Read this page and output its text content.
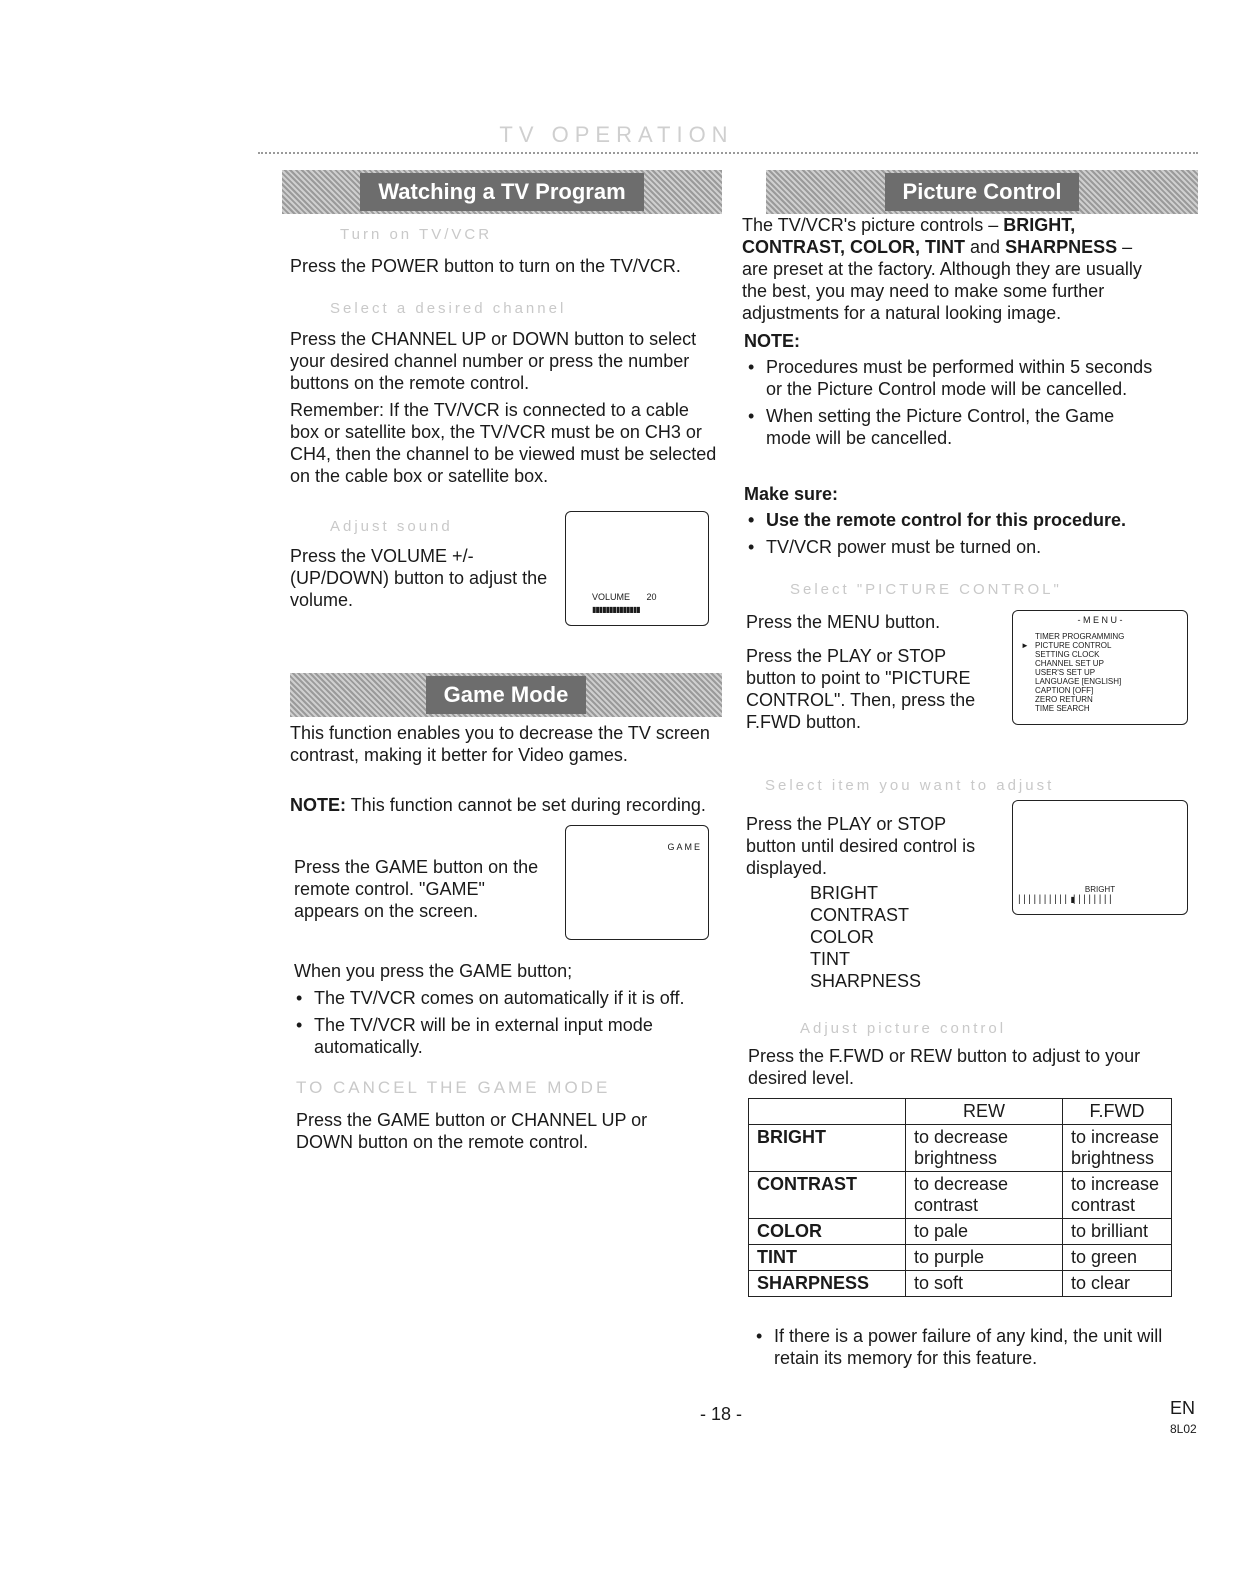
TV OPERATION
Watching a TV Program
Turn on TV/VCR
Press the POWER button to turn on the TV/VCR.
Select a desired channel
Press the CHANNEL UP or DOWN button to select your desired channel number or press the number buttons on the remote control.
Remember: If the TV/VCR is connected to a cable box or satellite box, the TV/VCR must be on CH3 or CH4, then the channel to be viewed must be selected on the cable box or satellite box.
Adjust sound
Press the VOLUME +/- (UP/DOWN) button to adjust the volume.	VOLUME 20
▮▮▮▮▮▮▮▮▮▮▮▮▮▮
Game Mode
This function enables you to decrease the TV screen contrast, making it better for Video games.
NOTE: This function cannot be set during recording.
Press the GAME button on the remote control. "GAME" appears on the screen.
GAME
When you press the GAME button;
• The TV/VCR comes on automatically if it is off.
• The TV/VCR will be in external input mode automatically.
TO CANCEL THE GAME MODE
Press the GAME button or CHANNEL UP or DOWN button on the remote control.
Picture Control
The TV/VCR's picture controls – BRIGHT, CONTRAST, COLOR, TINT and SHARPNESS – are preset at the factory. Although they are usually the best, you may need to make some further adjustments for a natural looking image.
NOTE:
• Procedures must be performed within 5 seconds or the Picture Control mode will be cancelled.
• When setting the Picture Control, the Game mode will be cancelled.
Make sure:
• Use the remote control for this procedure.
• TV/VCR power must be turned on.
Select "PICTURE CONTROL"
Press the MENU button.
Press the PLAY or STOP button to point to "PICTURE CONTROL". Then, press the F.FWD button.
- M E N U -
►
TIMER PROGRAMMING
PICTURE CONTROL
SETTING CLOCK
CHANNEL SET UP
USER'S SET UP
LANGUAGE [ENGLISH]
CAPTION [OFF]
ZERO RETURN
TIME SEARCH
Select item you want to adjust
Press the PLAY or STOP button until desired control is displayed.
BRIGHT
CONTRAST
COLOR
TINT
SHARPNESS
BRIGHT
▏▏▏▏▏▏▏▏▏▏▮▏▏▏▏▏▏▏▏
Adjust picture control
Press the F.FWD or REW button to adjust to your desired level.
	REW	F.FWD
BRIGHT	to decrease brightness	to increase brightness
CONTRAST	to decrease contrast	to increase contrast
COLOR	to pale	to brilliant
TINT	to purple	to green
SHARPNESS	to soft	to clear
• If there is a power failure of any kind, the unit will retain its memory for this feature.
- 18 -	EN
8L02
